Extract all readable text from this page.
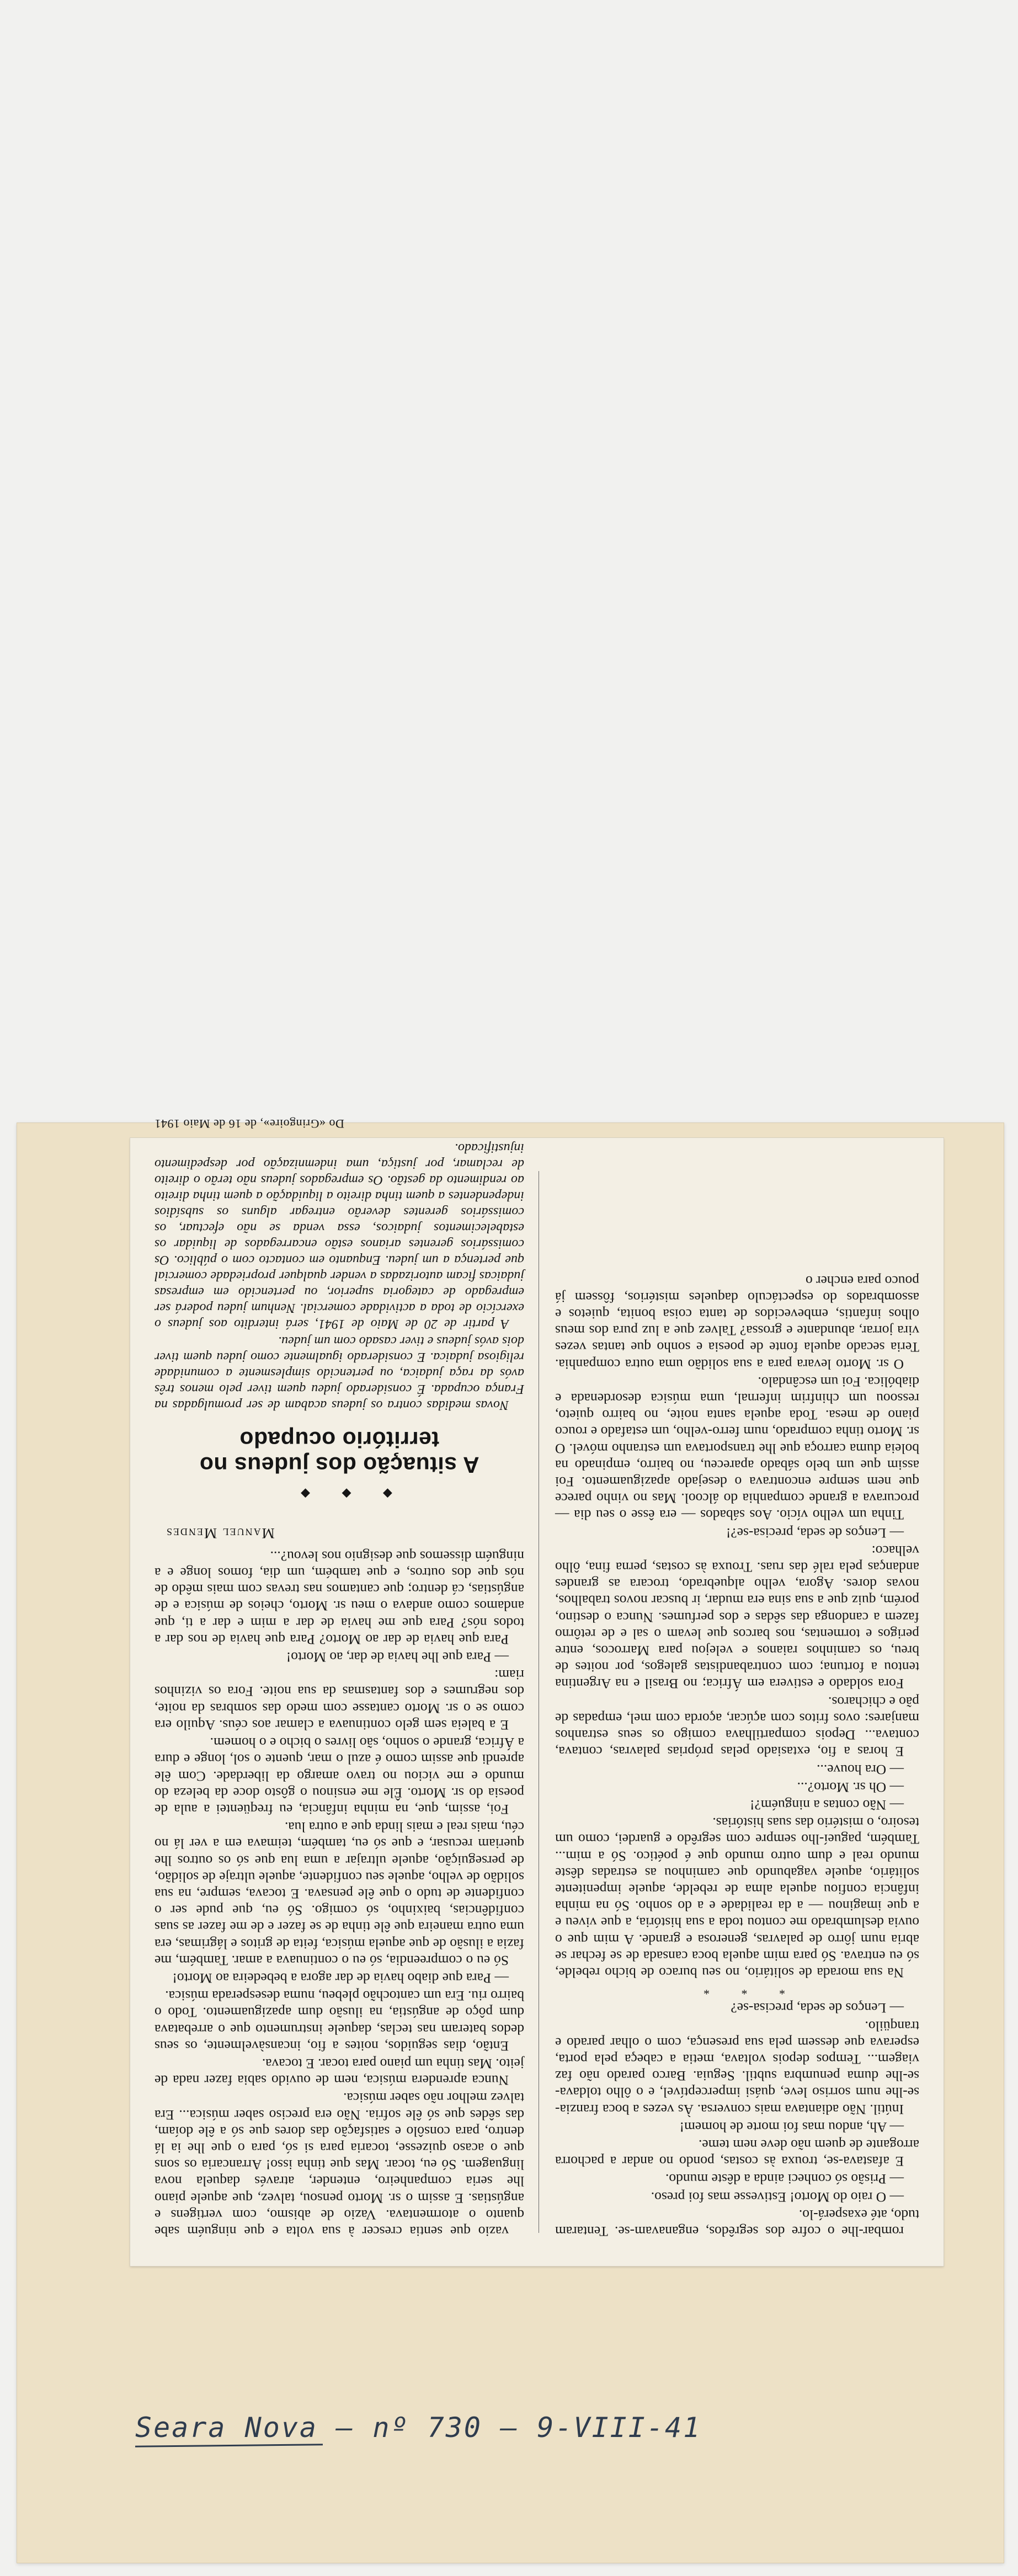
rombar-lhe o cofre dos segrêdos, enganavam-se. Tentaram tudo, até exasperá-lo.

— O raio do Morto! Estivesse mas foi preso.

— Prisão só conheci ainda a dêste mundo.

E afastava-se, trouxa às costas, pondo no andar a pachorra arrogante de quem não deve nem teme.

— Ah, andou mas foi morte de homem!

Inútil. Não adiantava mais conversa. Às vezes a boca franzia-se-lhe num sorriso leve, quási imperceptível, e o ôlho toldava-se-lhe duma penumbra subtil. Seguia. Barco parado não faz viagem... Tempos depois voltava, metia a cabeça pela porta, esperava que dessem pela sua presença, com o olhar parado e tranqüilo.

— Lenços de seda, precisa-se?

* * *

Na sua morada de solitário, no seu buraco de bicho rebelde, só eu entrava. Só para mim aquela boca cansada de se fechar se abria num jôrro de palavras, generosa e grande. A mim que o ouvia deslumbrado me contou toda a sua história, a que viveu e a que imaginou — a da realidade e a do sonho. Só na minha infância confiou aquela alma de rebelde, aquele impenitente solitário, aquele vagabundo que caminhou as estradas dêste mundo real e dum outro mundo que é poético. Só a mim... Também, pagueí-lho sempre com segrêdo e guardei, como um tesoiro, o mistério das suas histórias.

— Não contas a ninguém?!

— Oh sr. Morto?...

— Ora houve...

E horas a fio, extasiado pelas próprias palavras, contava, contava... Depois compartilhava comigo os seus estranhos manjares: ovos fritos com açúcar, açorda com mel, empadas de pão e chicharos.

Fora soldado e estivera em África; no Brasil e na Argentina tentou a fortuna; com contrabandistas galegos, por noites de breu, os caminhos raianos e velejou para Marrocos, entre perigos e tormentas, nos barcos que levam o sal e de retôrno fazem a candonga das sêdas e dos perfumes. Nunca o destino, porém, quiz que a sua sina era mudar, ir buscar novos trabalhos, novas dores. Agora, velho alquebrado, trocara as grandes andanças pela ralé das ruas. Trouxa às costas, perna fina, ôlho velhaco:

— Lenços de seda, precisa-se?!

Tinha um velho vício. Aos sábados — era êsse o seu dia — procurava a grande companhia do álcool. Mas no vinho parece que nem sempre encontrava o desejado apaziguamento. Foi assim que um belo sábado apareceu, no bairro, empinado na boleia duma carroça que lhe transportava um estranho móvel. O sr. Morto tinha comprado, num ferro-velho, um estafado e rouco piano de mesa. Toda aquela santa noite, no bairro quieto, ressoou um chinfrim infernal, uma música desordenada e diabólica. Foi um escândalo.

O sr. Morto levara para a sua solidão uma outra companhia. Teria secado aquela fonte de poesia e sonho que tantas vezes vira jorrar, abundante e grossa? Talvez que a luz pura dos meus olhos infantis, embevecidos de tanta coisa bonita, quietos e assombrados do espectáculo daqueles mistérios, fôssem já pouco para encher o

vazio que sentia crescer à sua volta e que ninguém sabe quanto o atormentava. Vazio de abismo, com vertigens e angústias. E assim o sr. Morto pensou, talvez, que aquele piano lhe seria companheiro, entender, através daquela nova linguagem. Só eu, tocar. Mas que tinha isso! Arrancaria os sons que o acaso quizesse, tocaria para si só, para o que lhe ia lá dentro, para consôlo e satisfação das dores que só a êle doíam, das sêdes que só êle sofria. Não era preciso saber música... Era talvez melhor não saber música.

Nunca aprendera música, nem de ouvido sabia fazer nada de jeito. Mas tinha um piano para tocar. E tocava.

Então, dias seguidos, noites a fio, incansàvelmente, os seus dedos bateram nas teclas, daquele instrumento que o arrebatava dum pôço de angústia, na ilusão dum apaziguamento. Todo o bairro riu. Era um cantochão plebeu, numa desesperada música.

— Para que diabo havia de dar agora a bebedeira ao Morto!

Só eu o compreendia, só eu o continuava a amar. Também, me fazia a ilusão de que aquela música, feita de gritos e lágrimas, era uma outra maneira que êle tinha de se fazer e de me fazer as suas confidências, baixinho, só comigo. Só eu, que pude ser o confidente de tudo o que êle pensava. E tocava, sempre, na sua solidão de velho, aquele seu confidente, aquele ultraje de solidão, de perseguição, aquele ultrajar a uma lua que só os outros lhe queriam recusar, e que só eu, também, teimava em a ver lá no céu, mais real e mais linda que a outra lua.

Foi, assim, que, na minha infância, eu freqüentei a aula de poesia do sr. Morto. Êle me ensinou o gôsto doce da beleza do mundo e me viciou no travo amargo da liberdade. Com êle aprendi que assim como é azul o mar, quente o sol, longe e dura a África, grande o sonho, são livres o bicho e o homem.

E a baleia sem gelo continuava a clamar aos céus. Aquilo era como se o sr. Morto cantasse com medo das sombras da noite, dos negrumes e dos fantasmas da sua noite. Fora os vizinhos riam:

— Para que lhe havia de dar, ao Morto!

Para que havia de dar ao Morto? Para que havia de nos dar a todos nós? Para que me havia de dar a mim e dar a ti, que andamos como andava o meu sr. Morto, cheios de música e de angústias, cá dentro; que cantamos nas trevas com mais mêdo de nós que dos outros, e que também, um dia, fomos longe e a ninguém dissemos que designio nos levou?...

Manuel Mendes
◆ ◆ ◆
A situação dos judeus no território ocupado

Novas medidas contra os judeus acabam de ser promulgadas na França ocupada. É considerado judeu quem tiver pelo menos três avós da raça judaica, ou pertencido simplesmente a comunidade religiosa judaica. E considerado igualmente como judeu quem tiver dois avós judeus e tiver casado com um judeu.

A partir de 20 de Maio de 1941, será interdito aos judeus o exercício de toda a actividade comercial. Nenhum judeu poderá ser empregado de categoria superior, ou pertencido em empresas judaicas ficam autorizadas a vender qualquer propriedade comercial que pertença a um judeu. Enquanto em contacto com o público. Os comissários gerentes arianos estão encarregados de liquidar os estabelecimentos judaicos, essa venda se não efectuar, os comissários gerentes deverão entregar alguns os subsídios independentes a quem tinha direito a liquidação a quem tinha direito ao rendimento da gestão. Os empregados judeus não terão o direito de reclamar, por justiça, uma indemnização por despedimento injustificado.

Do «Gringoire», de 16 de Maio 1941
Seara Nova — nº 730 — 9-VIII-41
